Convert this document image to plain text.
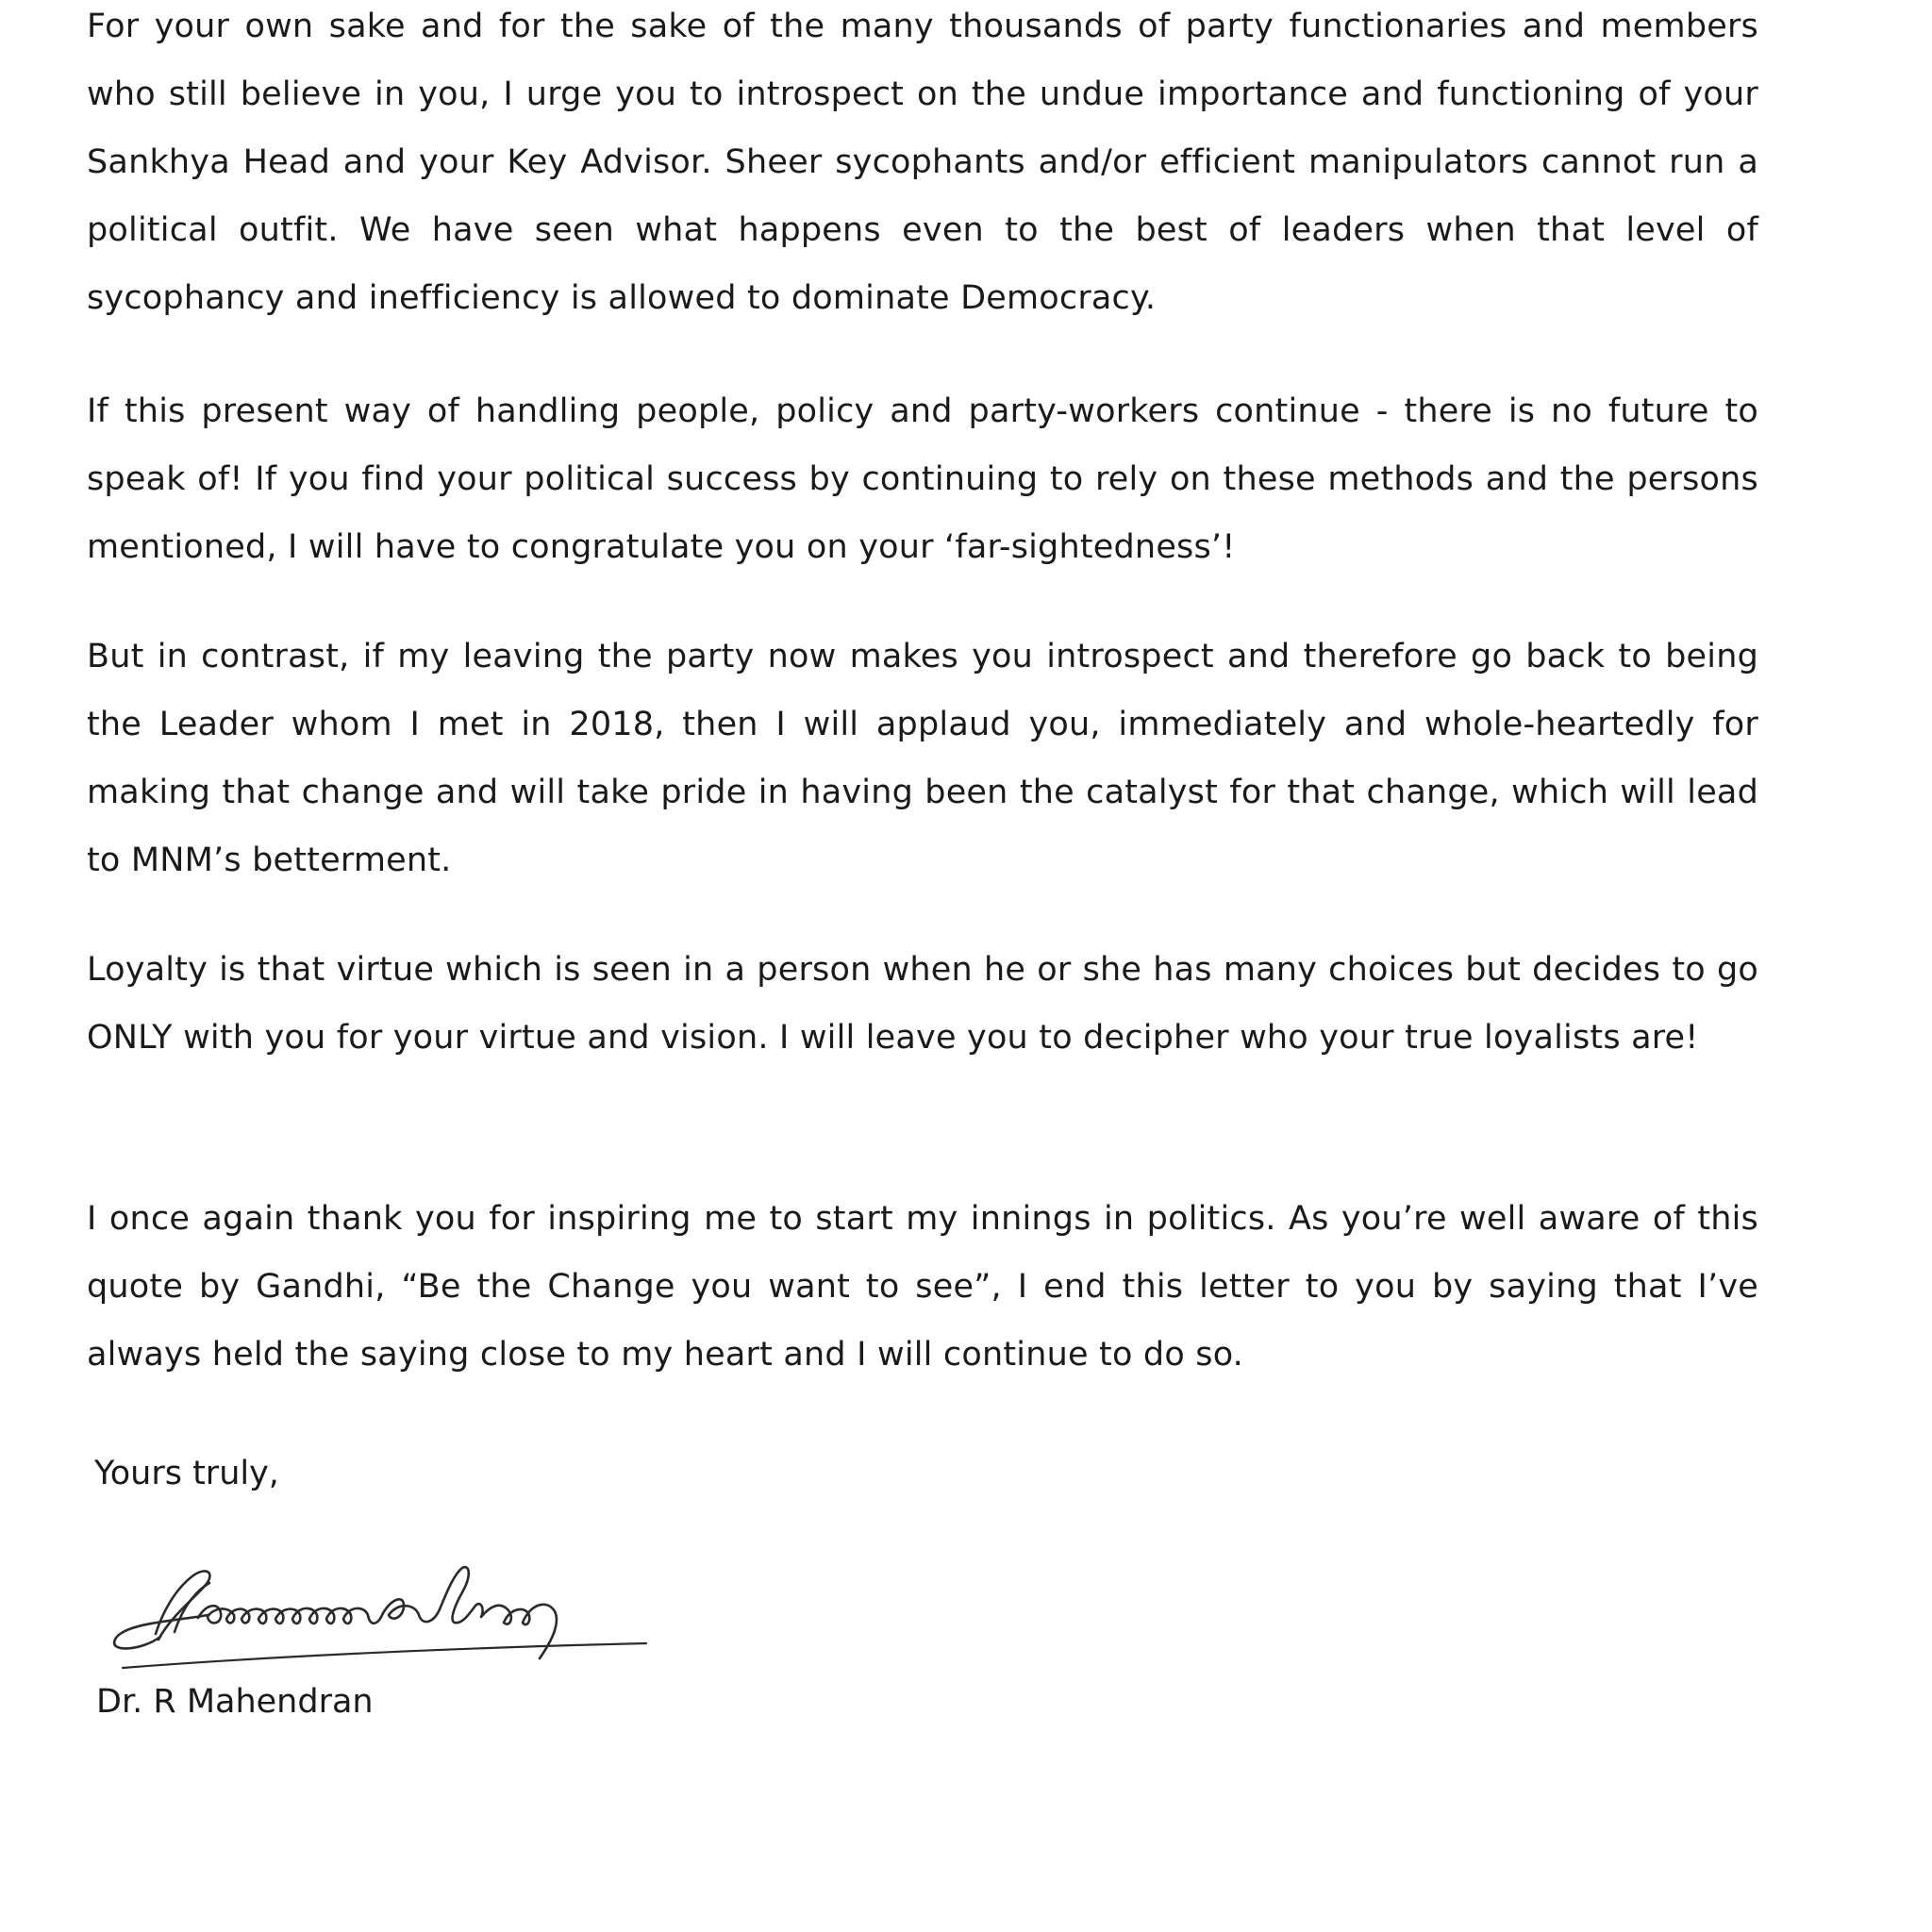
For your own sake and for the sake of the many thousands of party functionaries and members who still believe in you, I urge you to introspect on the undue importance and functioning of your Sankhya Head and your Key Advisor. Sheer sycophants and/or efficient manipulators cannot run a political outfit. We have seen what happens even to the best of leaders when that level of sycophancy and inefficiency is allowed to dominate Democracy.
If this present way of handling people, policy and party-workers continue - there is no future to speak of! If you find your political success by continuing to rely on these methods and the persons mentioned, I will have to congratulate you on your ‘far-sightedness’!
But in contrast, if my leaving the party now makes you introspect and therefore go back to being the Leader whom I met in 2018, then I will applaud you, immediately and whole-heartedly for making that change and will take pride in having been the catalyst for that change, which will lead to MNM’s betterment.
Loyalty is that virtue which is seen in a person when he or she has many choices but decides to go ONLY with you for your virtue and vision. I will leave you to decipher who your true loyalists are!
I once again thank you for inspiring me to start my innings in politics. As you’re well aware of this quote by Gandhi, “Be the Change you want to see”, I end this letter to you by saying that I’ve always held the saying close to my heart and I will continue to do so.
Yours truly,
Dr. R Mahendran
